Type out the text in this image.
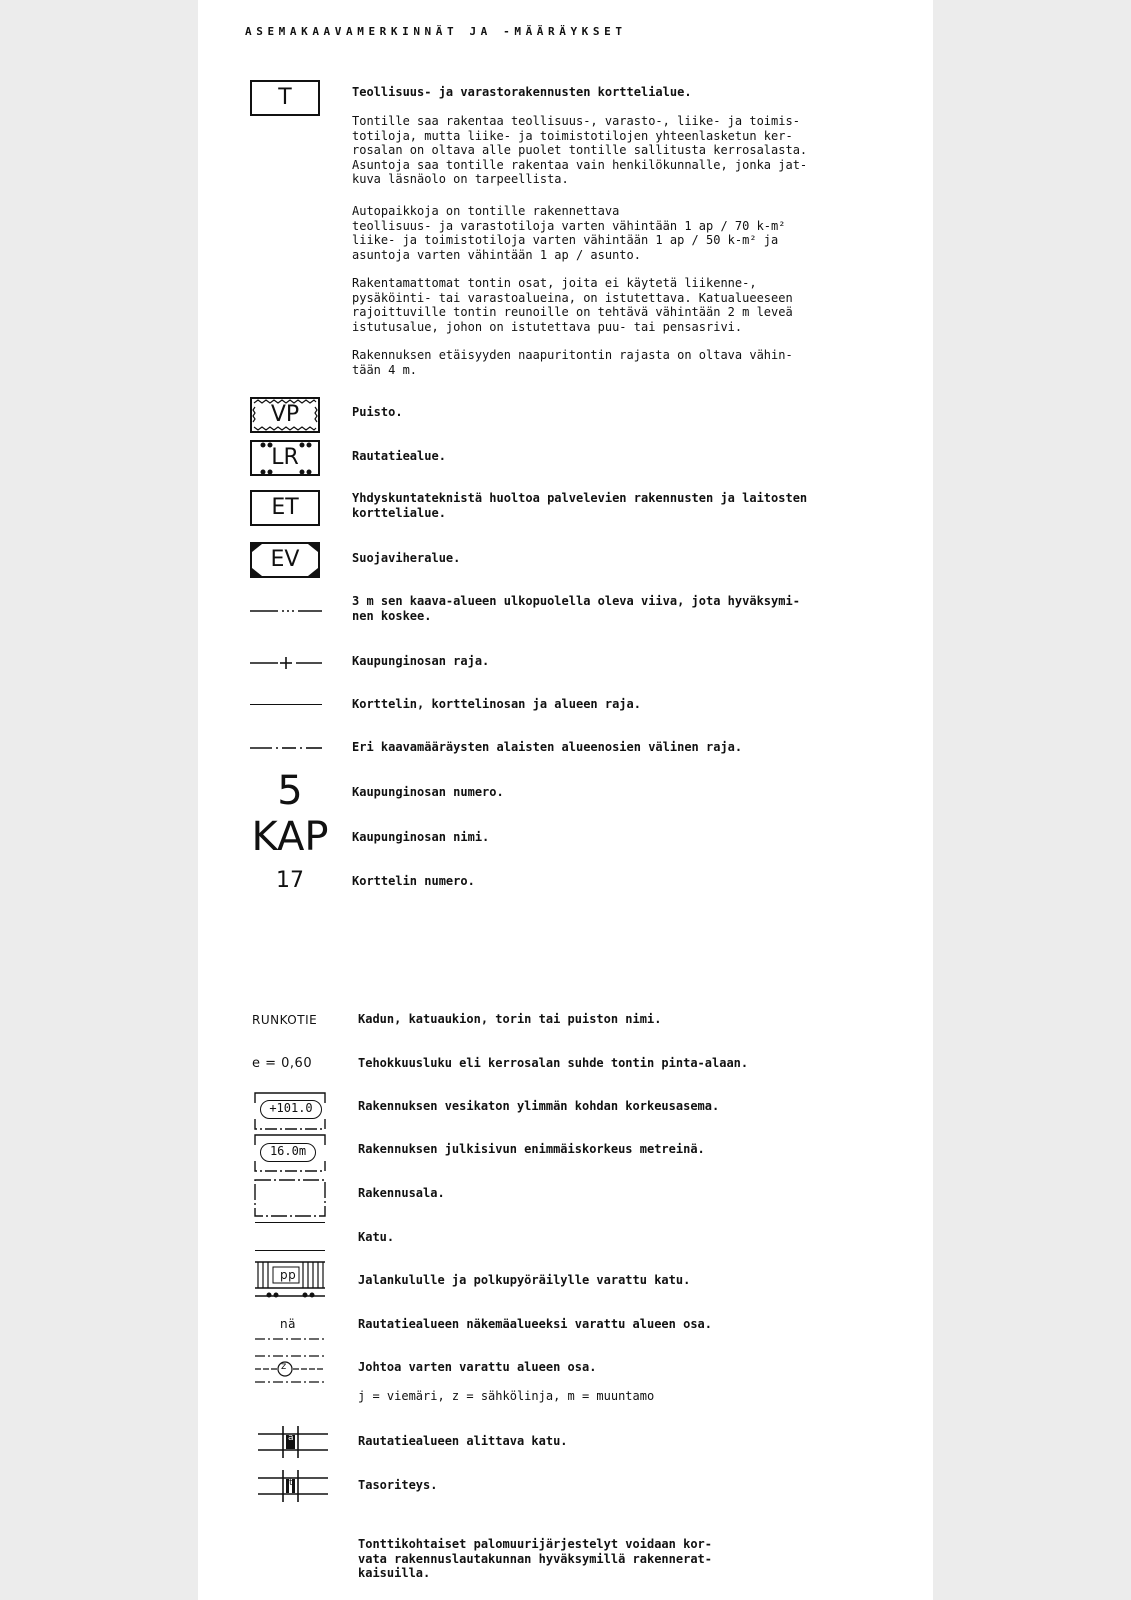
ASEMAKAAVAMERKINNÄT JA -MÄÄRÄYKSET
T	Teollisuus- ja varastorakennusten korttelialue.
Tontille saa rakentaa teollisuus-, varasto-, liike- ja toimis-
totiloja, mutta liike- ja toimistotilojen yhteenlasketun ker-
rosalan on oltava alle puolet tontille sallitusta kerrosalasta.
Asuntoja saa tontille rakentaa vain henkilökunnalle, jonka jat-
kuva läsnäolo on tarpeellista.
Autopaikkoja on tontille rakennettava
teollisuus- ja varastotiloja varten vähintään 1 ap / 70 k-m²
liike- ja toimistotiloja varten vähintään 1 ap / 50 k-m² ja
asuntoja varten vähintään 1 ap / asunto.
Rakentamattomat tontin osat, joita ei käytetä liikenne-,
pysäköinti- tai varastoalueina, on istutettava. Katualueeseen
rajoittuville tontin reunoille on tehtävä vähintään 2 m leveä
istutusalue, johon on istutettava puu- tai pensasrivi.
Rakennuksen etäisyyden naapuritontin rajasta on oltava vähin-
tään 4 m.
VP	Puisto.
LR	Rautatiealue.
ET	Yhdyskuntateknistä huoltoa palvelevien rakennusten ja laitosten
korttelialue.
EV	Suojaviheralue.
3 m sen kaava-alueen ulkopuolella oleva viiva, jota hyväksymi-
nen koskee.
Kaupunginosan raja.
Korttelin, korttelinosan ja alueen raja.
Eri kaavamääräysten alaisten alueenosien välinen raja.
5	Kaupunginosan numero.
KAP	Kaupunginosan nimi.
17	Korttelin numero.
RUNKOTIE	Kadun, katuaukion, torin tai puiston nimi.
e = 0,60	Tehokkuusluku eli kerrosalan suhde tontin pinta-alaan.
+101.0	Rakennuksen vesikaton ylimmän kohdan korkeusasema.
16.0m	Rakennuksen julkisivun enimmäiskorkeus metreinä.
Rakennusala.
Katu.
pp	Jalankululle ja polkupyöräilylle varattu katu.
nä	Rautatiealueen näkemäalueeksi varattu alueen osa.
z	Johtoa varten varattu alueen osa.
j = viemäri, z = sähkölinja, m = muuntamo
a	Rautatiealueen alittava katu.
t	Tasoriteys.
Tonttikohtaiset palomuurijärjestelyt voidaan kor-
vata rakennuslautakunnan hyväksymillä rakennerat-
kaisuilla.
